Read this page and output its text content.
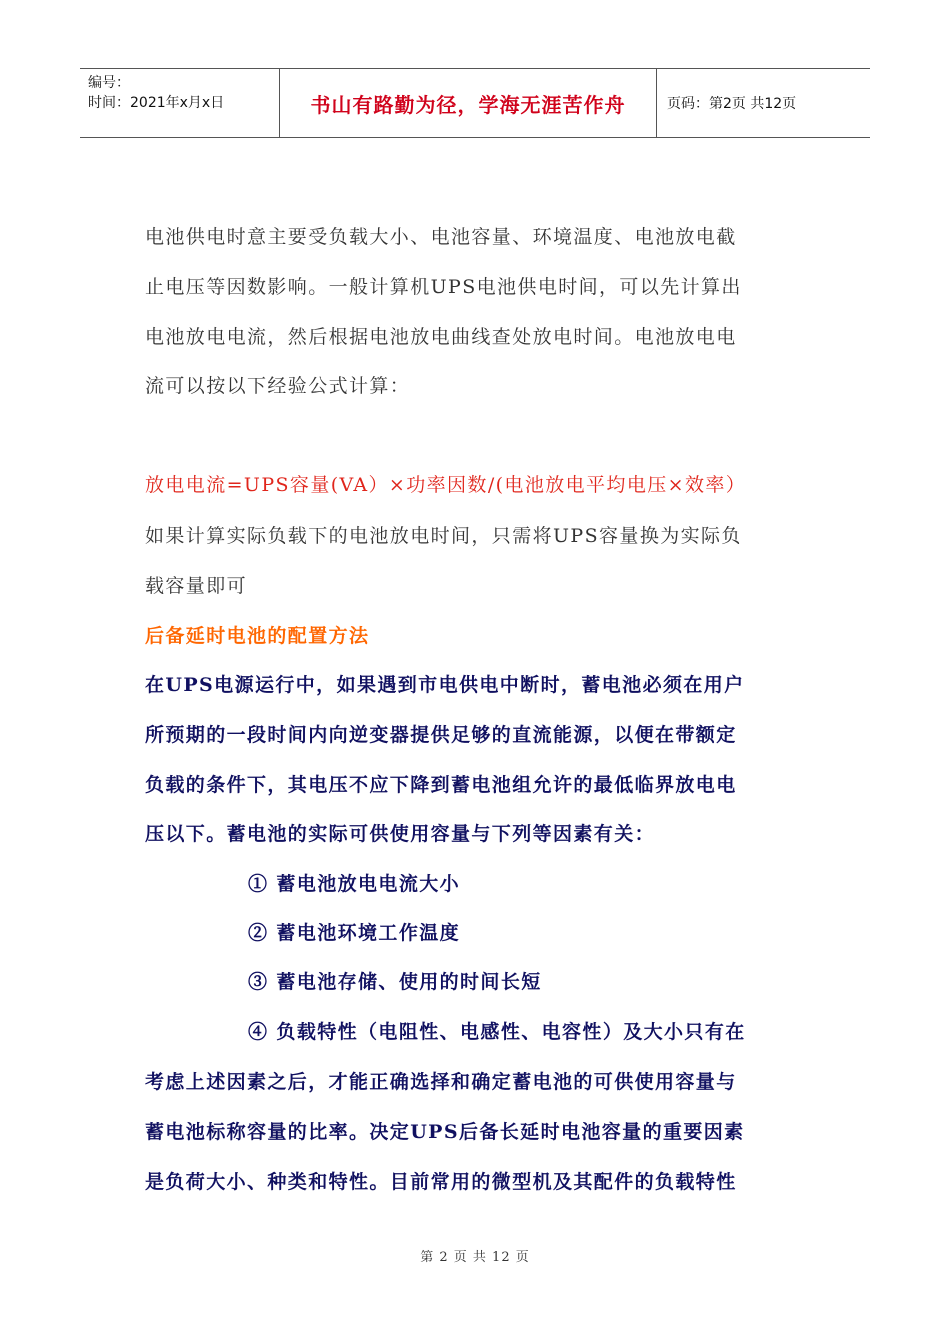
编号：
时间：2021年x月x日	书山有路勤为径，学海无涯苦作舟	页码：第2页 共12页
电池供电时意主要受负载大小、电池容量、环境温度、电池放电截
止电压等因数影响。一般计算机UPS电池供电时间，可以先计算出
电池放电电流，然后根据电池放电曲线查处放电时间。电池放电电
流可以按以下经验公式计算：
放电电流=UPS容量(VA）×功率因数/(电池放电平均电压×效率）
如果计算实际负载下的电池放电时间，只需将UPS容量换为实际负
载容量即可
后备延时电池的配置方法
在UPS电源运行中，如果遇到市电供电中断时，蓄电池必须在用户
所预期的一段时间内向逆变器提供足够的直流能源，以便在带额定
负载的条件下，其电压不应下降到蓄电池组允许的最低临界放电电
压以下。蓄电池的实际可供使用容量与下列等因素有关：
① 蓄电池放电电流大小
② 蓄电池环境工作温度
③ 蓄电池存储、使用的时间长短
④ 负载特性（电阻性、电感性、电容性）及大小只有在
考虑上述因素之后，才能正确选择和确定蓄电池的可供使用容量与
蓄电池标称容量的比率。决定UPS后备长延时电池容量的重要因素
是负荷大小、种类和特性。目前常用的微型机及其配件的负载特性
第 2 页 共 12 页
